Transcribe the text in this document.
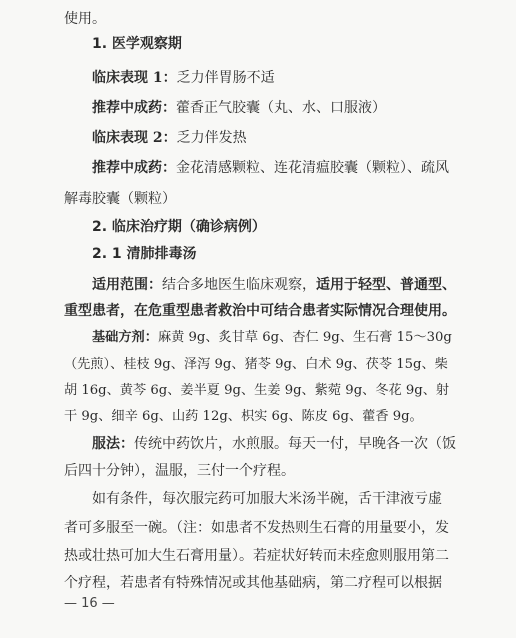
使用。
1. 医学观察期
临床表现 1：乏力伴胃肠不适
推荐中成药：藿香正气胶囊（丸、水、口服液）
临床表现 2：乏力伴发热
推荐中成药：金花清感颗粒、连花清瘟胶囊（颗粒）、疏风
解毒胶囊（颗粒）
2. 临床治疗期（确诊病例）
2. 1 清肺排毒汤
适用范围：结合多地医生临床观察，适用于轻型、普通型、
重型患者，在危重型患者救治中可结合患者实际情况合理使用。
基础方剂：麻黄 9g、炙甘草 6g、杏仁 9g、生石膏 15～30g
（先煎）、桂枝 9g、泽泻 9g、猪苓 9g、白术 9g、茯苓 15g、柴
胡 16g、黄芩 6g、姜半夏 9g、生姜 9g、紫菀 9g、冬花 9g、射
干 9g、细辛 6g、山药 12g、枳实 6g、陈皮 6g、藿香 9g。
服法：传统中药饮片，水煎服。每天一付，早晚各一次（饭
后四十分钟），温服，三付一个疗程。
如有条件，每次服完药可加服大米汤半碗，舌干津液亏虚
者可多服至一碗。（注：如患者不发热则生石膏的用量要小，发
热或壮热可加大生石膏用量）。若症状好转而未痊愈则服用第二
个疗程，若患者有特殊情况或其他基础病，第二疗程可以根据
— 16 —
